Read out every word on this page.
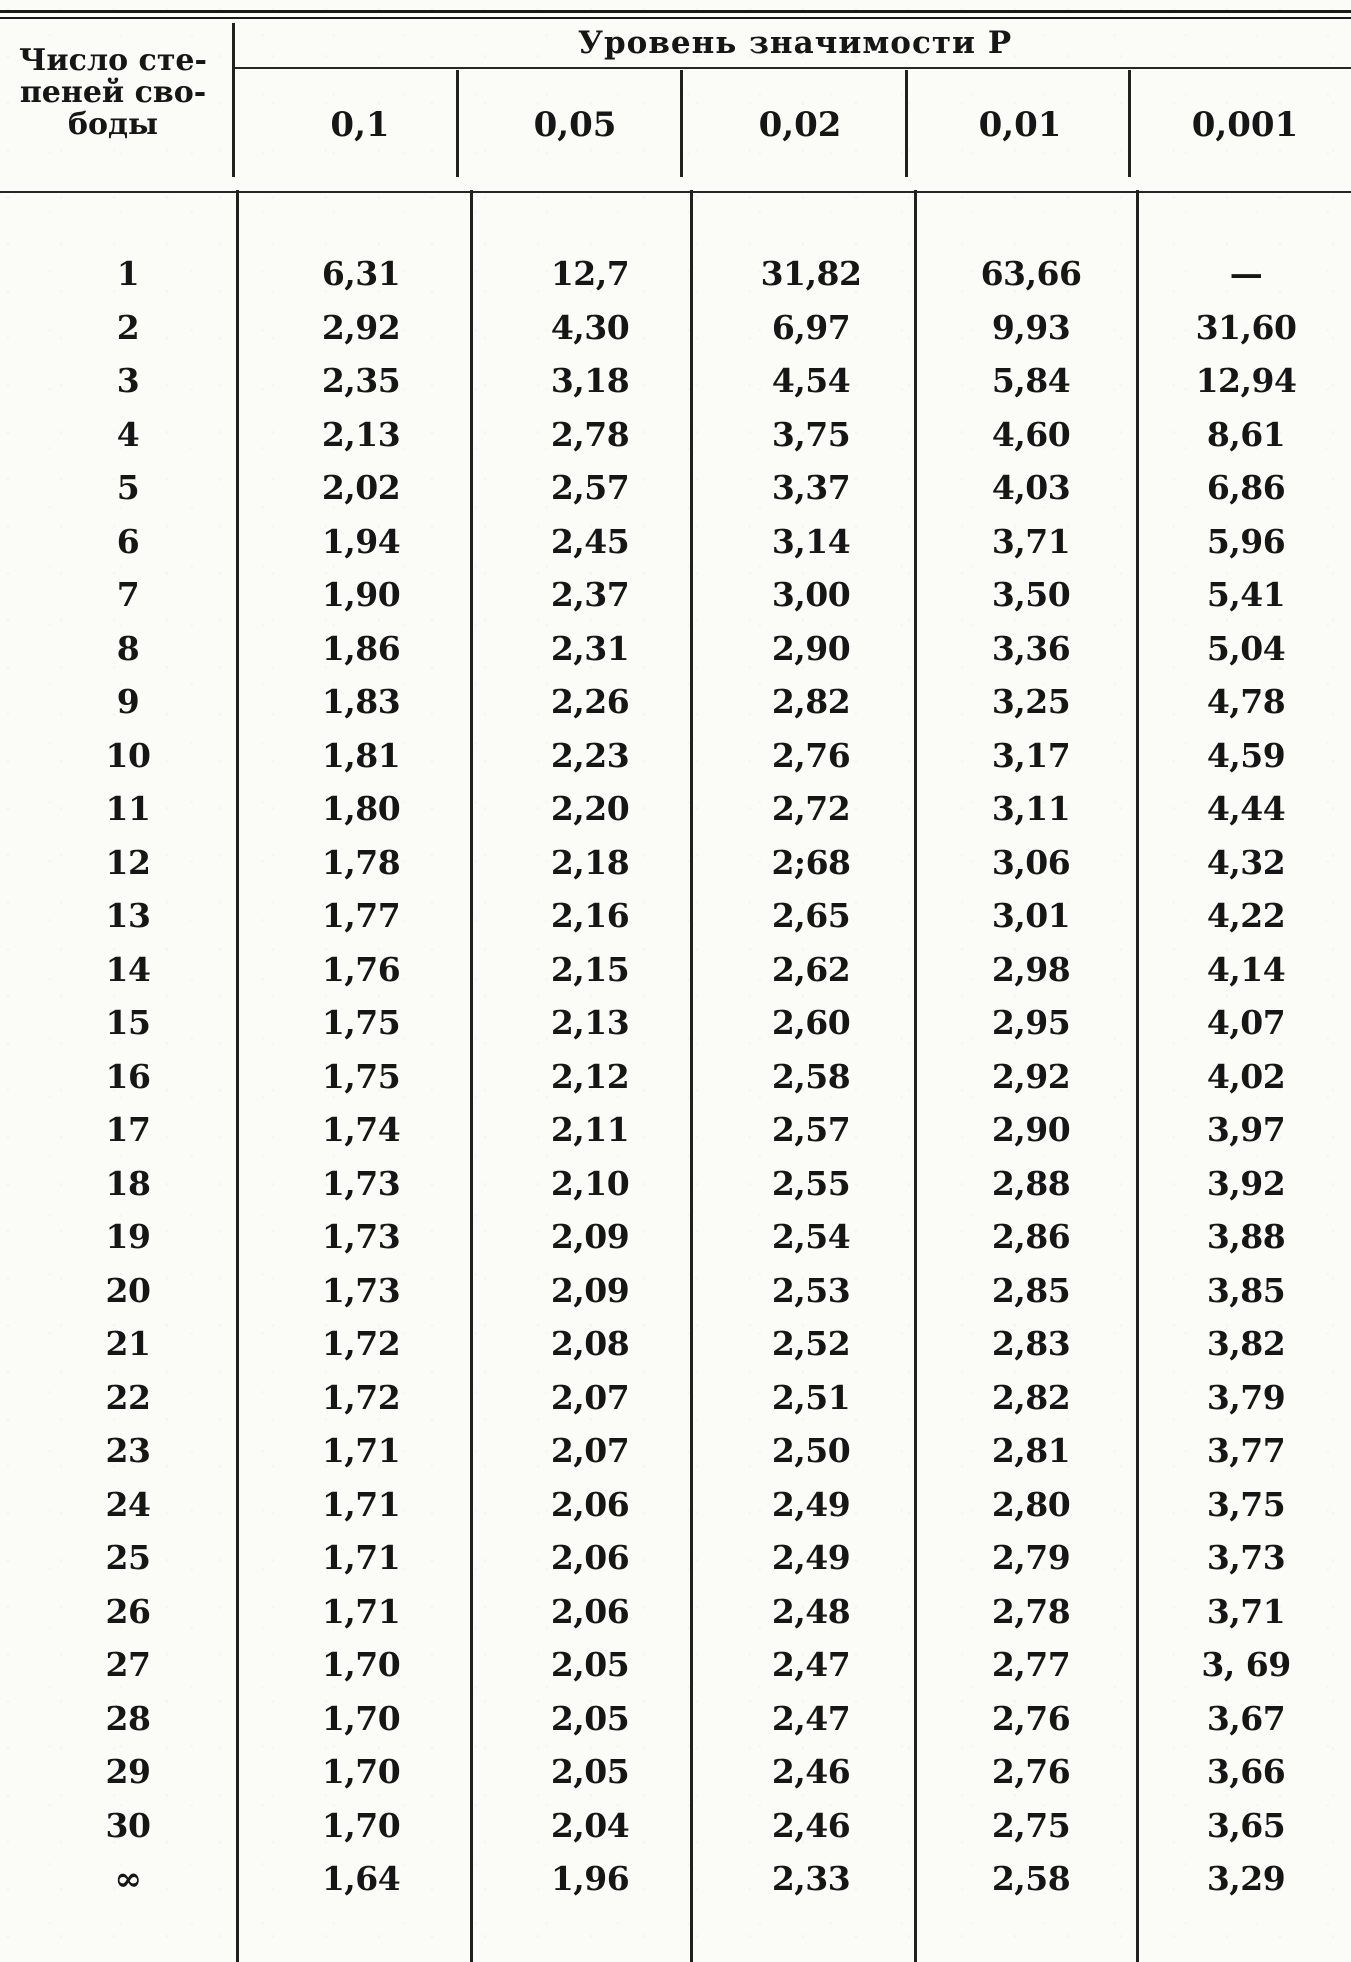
Число сте-
пеней сво-
боды
Уровень значимости P
0,1	0,05	0,02	0,01	0,001
1	6,31	12,7	31,82	63,66	—
2	2,92	4,30	6,97	9,93	31,60
3	2,35	3,18	4,54	5,84	12,94
4	2,13	2,78	3,75	4,60	8,61
5	2,02	2,57	3,37	4,03	6,86
6	1,94	2,45	3,14	3,71	5,96
7	1,90	2,37	3,00	3,50	5,41
8	1,86	2,31	2,90	3,36	5,04
9	1,83	2,26	2,82	3,25	4,78
10	1,81	2,23	2,76	3,17	4,59
11	1,80	2,20	2,72	3,11	4,44
12	1,78	2,18	2;68	3,06	4,32
13	1,77	2,16	2,65	3,01	4,22
14	1,76	2,15	2,62	2,98	4,14
15	1,75	2,13	2,60	2,95	4,07
16	1,75	2,12	2,58	2,92	4,02
17	1,74	2,11	2,57	2,90	3,97
18	1,73	2,10	2,55	2,88	3,92
19	1,73	2,09	2,54	2,86	3,88
20	1,73	2,09	2,53	2,85	3,85
21	1,72	2,08	2,52	2,83	3,82
22	1,72	2,07	2,51	2,82	3,79
23	1,71	2,07	2,50	2,81	3,77
24	1,71	2,06	2,49	2,80	3,75
25	1,71	2,06	2,49	2,79	3,73
26	1,71	2,06	2,48	2,78	3,71
27	1,70	2,05	2,47	2,77	3, 69
28	1,70	2,05	2,47	2,76	3,67
29	1,70	2,05	2,46	2,76	3,66
30	1,70	2,04	2,46	2,75	3,65
∞	1,64	1,96	2,33	2,58	3,29
